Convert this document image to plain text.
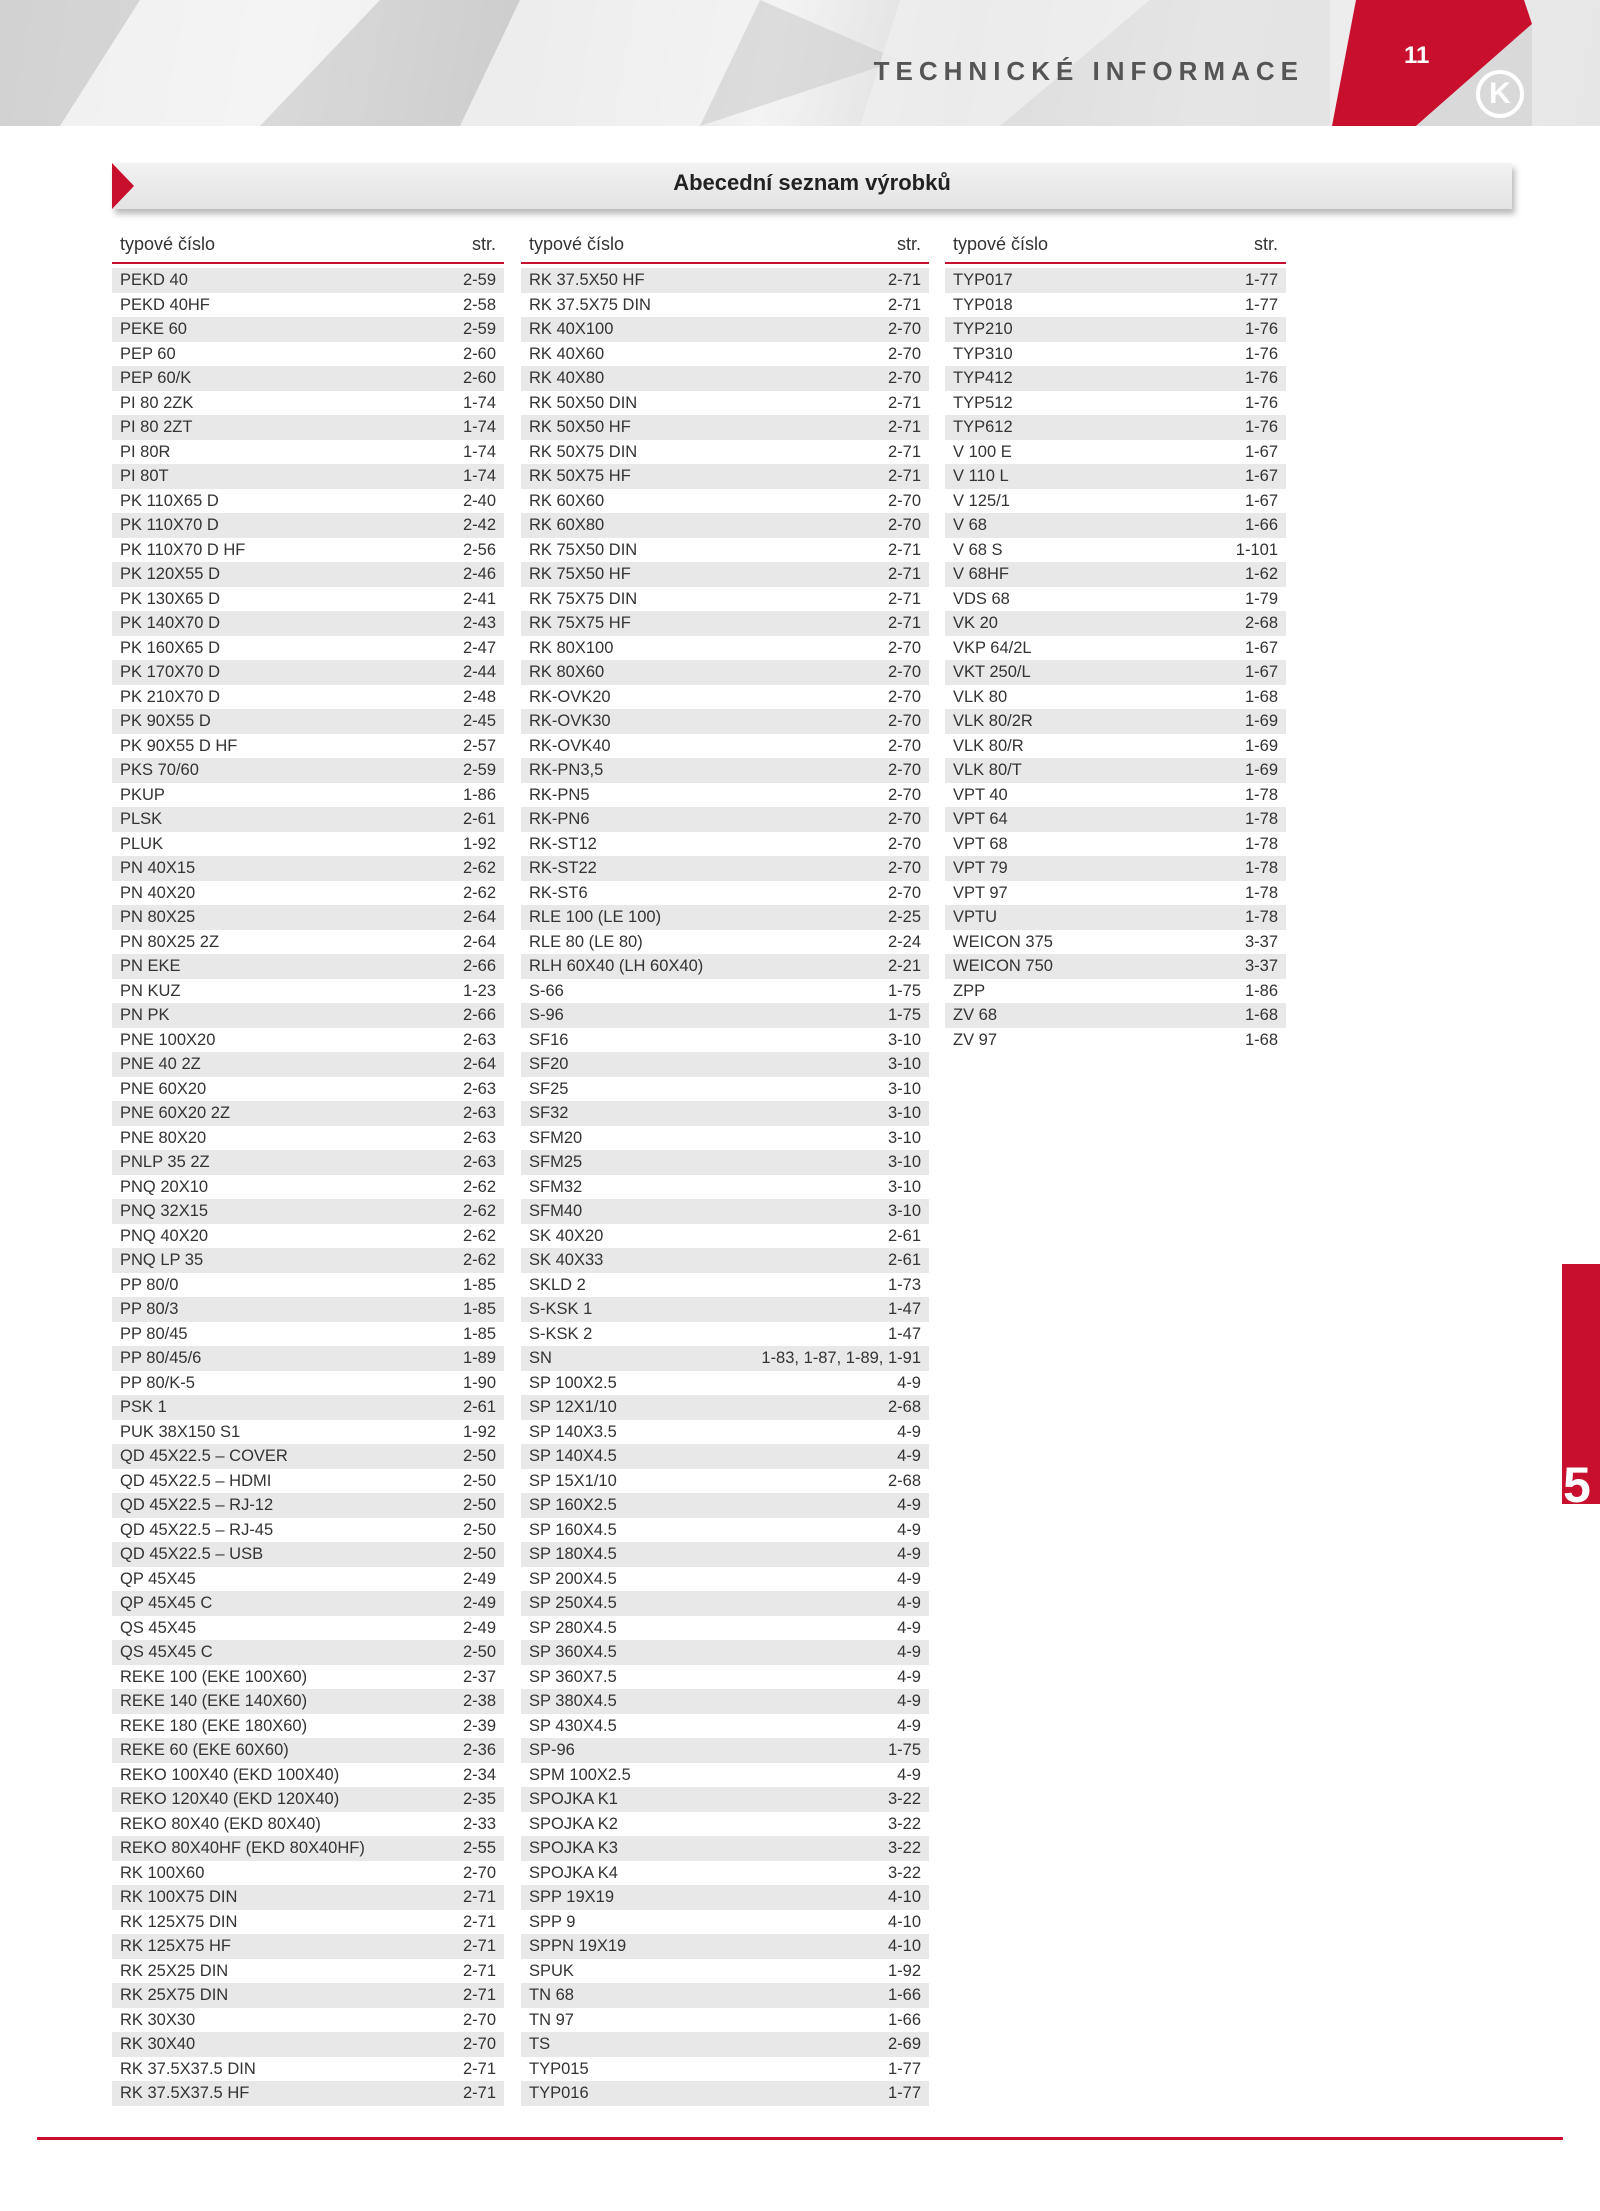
TECHNICKÉ INFORMACE
11
K
Abecední seznam výrobků
typové číslo	str.
PEKD 40	2-59
PEKD 40HF	2-58
PEKE 60	2-59
PEP 60	2-60
PEP 60/K	2-60
PI 80 2ZK	1-74
PI 80 2ZT	1-74
PI 80R	1-74
PI 80T	1-74
PK 110X65 D	2-40
PK 110X70 D	2-42
PK 110X70 D HF	2-56
PK 120X55 D	2-46
PK 130X65 D	2-41
PK 140X70 D	2-43
PK 160X65 D	2-47
PK 170X70 D	2-44
PK 210X70 D	2-48
PK 90X55 D	2-45
PK 90X55 D HF	2-57
PKS 70/60	2-59
PKUP	1-86
PLSK	2-61
PLUK	1-92
PN 40X15	2-62
PN 40X20	2-62
PN 80X25	2-64
PN 80X25 2Z	2-64
PN EKE	2-66
PN KUZ	1-23
PN PK	2-66
PNE 100X20	2-63
PNE 40 2Z	2-64
PNE 60X20	2-63
PNE 60X20 2Z	2-63
PNE 80X20	2-63
PNLP 35 2Z	2-63
PNQ 20X10	2-62
PNQ 32X15	2-62
PNQ 40X20	2-62
PNQ LP 35	2-62
PP 80/0	1-85
PP 80/3	1-85
PP 80/45	1-85
PP 80/45/6	1-89
PP 80/K-5	1-90
PSK 1	2-61
PUK 38X150 S1	1-92
QD 45X22.5 – COVER	2-50
QD 45X22.5 – HDMI	2-50
QD 45X22.5 – RJ-12	2-50
QD 45X22.5 – RJ-45	2-50
QD 45X22.5 – USB	2-50
QP 45X45	2-49
QP 45X45 C	2-49
QS 45X45	2-49
QS 45X45 C	2-50
REKE 100 (EKE 100X60)	2-37
REKE 140 (EKE 140X60)	2-38
REKE 180 (EKE 180X60)	2-39
REKE 60 (EKE 60X60)	2-36
REKO 100X40 (EKD 100X40)	2-34
REKO 120X40 (EKD 120X40)	2-35
REKO 80X40 (EKD 80X40)	2-33
REKO 80X40HF (EKD 80X40HF)	2-55
RK 100X60	2-70
RK 100X75 DIN	2-71
RK 125X75 DIN	2-71
RK 125X75 HF	2-71
RK 25X25 DIN	2-71
RK 25X75 DIN	2-71
RK 30X30	2-70
RK 30X40	2-70
RK 37.5X37.5 DIN	2-71
RK 37.5X37.5 HF	2-71
typové číslo	str.
RK 37.5X50 HF	2-71
RK 37.5X75 DIN	2-71
RK 40X100	2-70
RK 40X60	2-70
RK 40X80	2-70
RK 50X50 DIN	2-71
RK 50X50 HF	2-71
RK 50X75 DIN	2-71
RK 50X75 HF	2-71
RK 60X60	2-70
RK 60X80	2-70
RK 75X50 DIN	2-71
RK 75X50 HF	2-71
RK 75X75 DIN	2-71
RK 75X75 HF	2-71
RK 80X100	2-70
RK 80X60	2-70
RK-OVK20	2-70
RK-OVK30	2-70
RK-OVK40	2-70
RK-PN3,5	2-70
RK-PN5	2-70
RK-PN6	2-70
RK-ST12	2-70
RK-ST22	2-70
RK-ST6	2-70
RLE 100 (LE 100)	2-25
RLE 80 (LE 80)	2-24
RLH 60X40 (LH 60X40)	2-21
S-66	1-75
S-96	1-75
SF16	3-10
SF20	3-10
SF25	3-10
SF32	3-10
SFM20	3-10
SFM25	3-10
SFM32	3-10
SFM40	3-10
SK 40X20	2-61
SK 40X33	2-61
SKLD 2	1-73
S-KSK 1	1-47
S-KSK 2	1-47
SN	1-83, 1-87, 1-89, 1-91
SP 100X2.5	4-9
SP 12X1/10	2-68
SP 140X3.5	4-9
SP 140X4.5	4-9
SP 15X1/10	2-68
SP 160X2.5	4-9
SP 160X4.5	4-9
SP 180X4.5	4-9
SP 200X4.5	4-9
SP 250X4.5	4-9
SP 280X4.5	4-9
SP 360X4.5	4-9
SP 360X7.5	4-9
SP 380X4.5	4-9
SP 430X4.5	4-9
SP-96	1-75
SPM 100X2.5	4-9
SPOJKA K1	3-22
SPOJKA K2	3-22
SPOJKA K3	3-22
SPOJKA K4	3-22
SPP 19X19	4-10
SPP 9	4-10
SPPN 19X19	4-10
SPUK	1-92
TN 68	1-66
TN 97	1-66
TS	2-69
TYP015	1-77
TYP016	1-77
typové číslo	str.
TYP017	1-77
TYP018	1-77
TYP210	1-76
TYP310	1-76
TYP412	1-76
TYP512	1-76
TYP612	1-76
V 100 E	1-67
V 110 L	1-67
V 125/1	1-67
V 68	1-66
V 68 S	1-101
V 68HF	1-62
VDS 68	1-79
VK 20	2-68
VKP 64/2L	1-67
VKT 250/L	1-67
VLK 80	1-68
VLK 80/2R	1-69
VLK 80/R	1-69
VLK 80/T	1-69
VPT 40	1-78
VPT 64	1-78
VPT 68	1-78
VPT 79	1-78
VPT 97	1-78
VPTU	1-78
WEICON 375	3-37
WEICON 750	3-37
ZPP	1-86
ZV 68	1-68
ZV 97	1-68
5
